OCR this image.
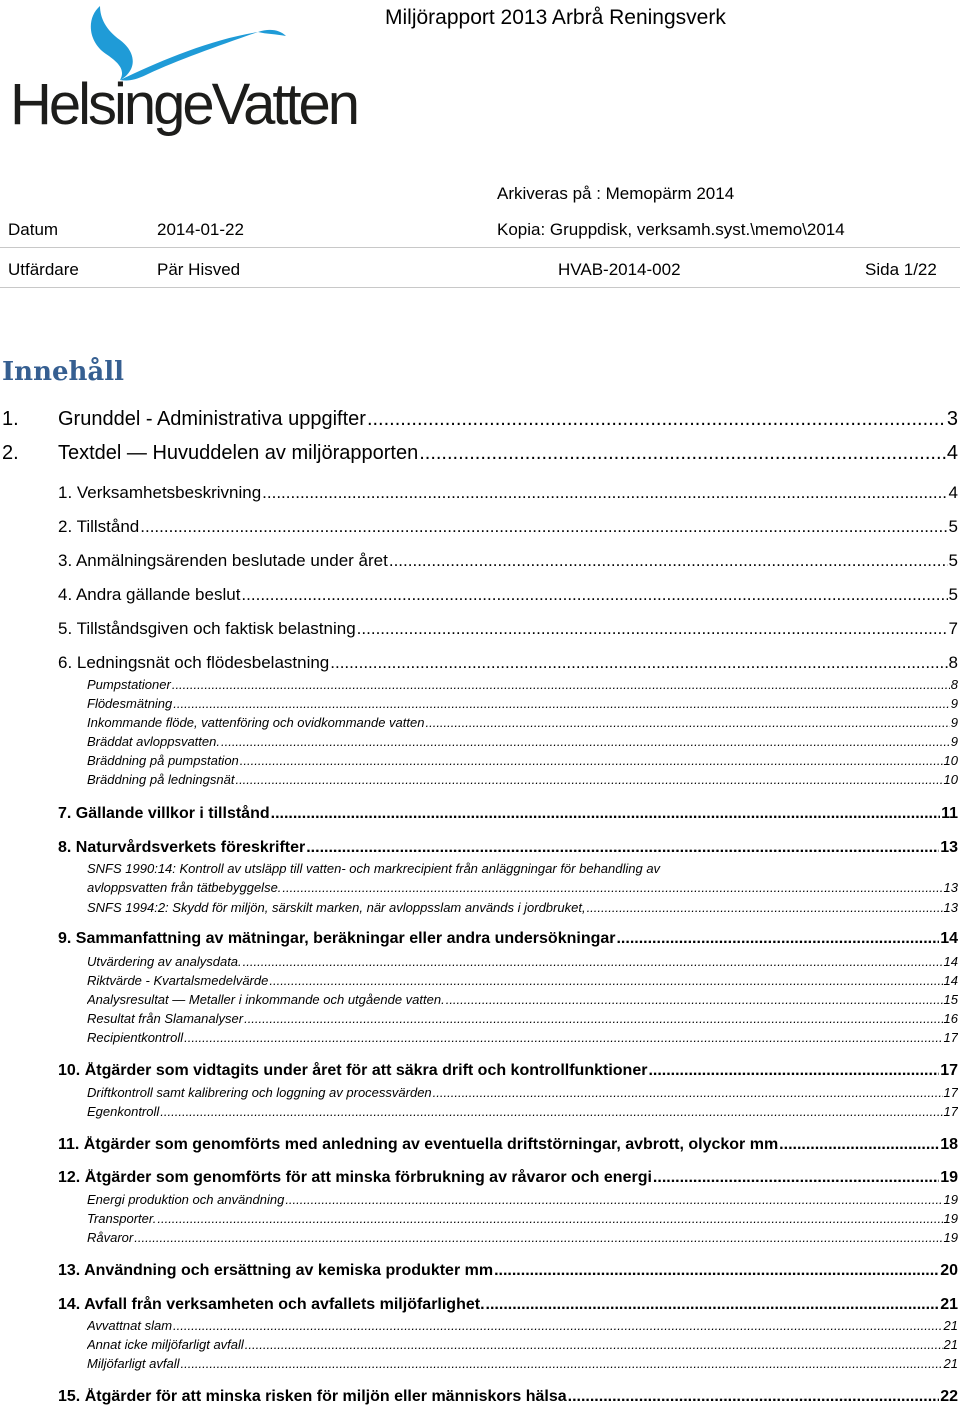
Miljörapport 2013 Arbrå Reningsverk
HelsingeVatten
Arkiveras på : Memopärm 2014
Datum	2014-01-22	Kopia: Gruppdisk, verksamh.syst.\memo\2014
Utfärdare	Pär Hisved	HVAB-2014-002	Sida 1/22
Innehåll
1. Grunddel - Administrativa uppgifter .....	3
2. Textdel — Huvuddelen av miljörapporten .....	4
1. Verksamhetsbeskrivning .....	4
2. Tillstånd .....	5
3. Anmälningsärenden beslutade under året .....	5
4. Andra gällande beslut .....	5
5. Tillståndsgiven och faktisk belastning .....	7
6. Ledningsnät och flödesbelastning .....	8
Pumpstationer .....	8
Flödesmätning .....	9
Inkommande flöde, vattenföring och ovidkommande vatten .....	9
Bräddat avloppsvatten. .....	9
Bräddning på pumpstation .....	10
Bräddning på ledningsnät .....	10
7. Gällande villkor i tillstånd .....	11
8. Naturvårdsverkets föreskrifter .....	13
SNFS 1990:14: Kontroll av utsläpp till vatten- och markrecipient från anläggningar för behandling av
avloppsvatten från tätbebyggelse. .....	13
SNFS 1994:2: Skydd för miljön, särskilt marken, när avloppsslam används i jordbruket, .....	13
9. Sammanfattning av mätningar, beräkningar eller andra undersökningar .....	14
Utvärdering av analysdata. .....	14
Riktvärde - Kvartalsmedelvärde .....	14
Analysresultat — Metaller i inkommande och utgående vatten. .....	15
Resultat från Slamanalyser .....	16
Recipientkontroll .....	17
10. Åtgärder som vidtagits under året för att säkra drift och kontrollfunktioner .....	17
Driftkontroll samt kalibrering och loggning av processvärden .....	17
Egenkontroll .....	17
11. Åtgärder som genomförts med anledning av eventuella driftstörningar, avbrott, olyckor mm .....	18
12. Åtgärder som genomförts för att minska förbrukning av råvaror och energi .....	19
Energi produktion och användning .....	19
Transporter. .....	19
Råvaror .....	19
13. Användning och ersättning av kemiska produkter mm .....	20
14. Avfall från verksamheten och avfallets miljöfarlighet. .....	21
Avvattnat slam .....	21
Annat icke miljöfarligt avfall .....	21
Miljöfarligt avfall .....	21
15. Åtgärder för att minska risken för miljön eller människors hälsa .....	22
